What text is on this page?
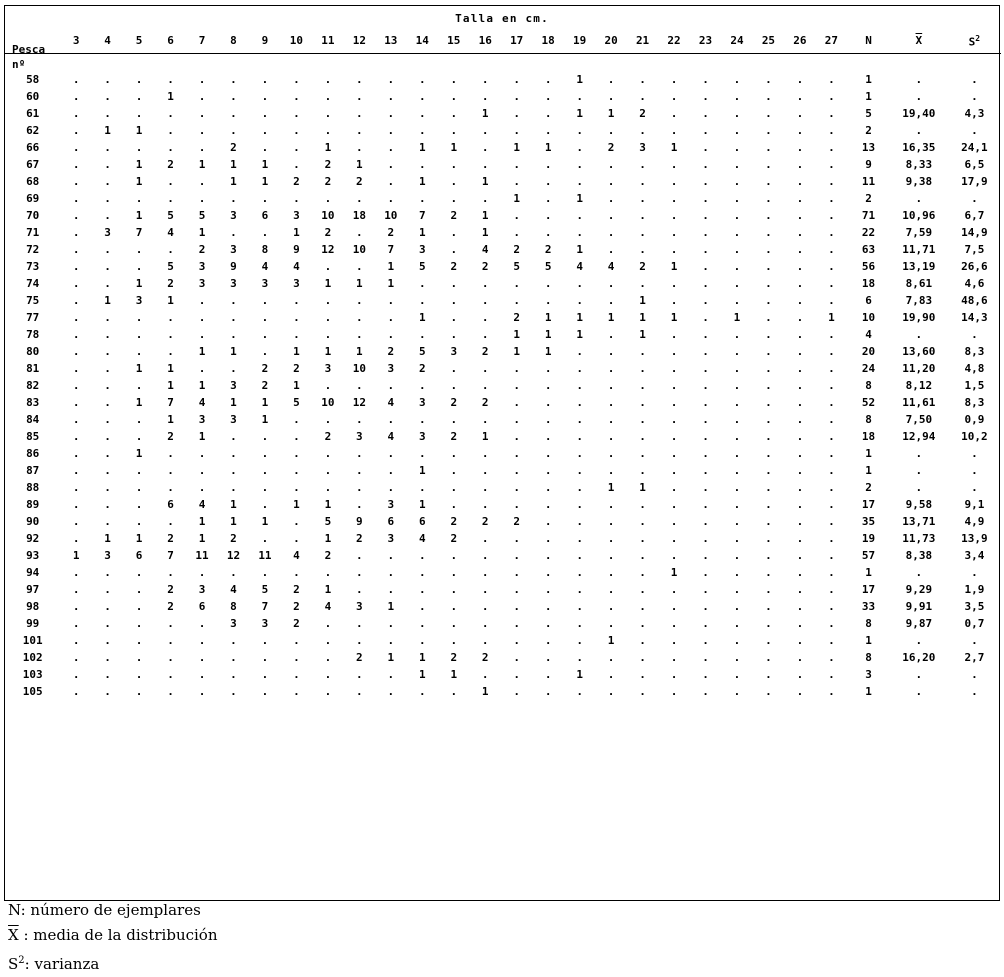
Talla en cm.
Pesca
nº
	3	4	5	6	7	8	9	10	11	12	13	14	15	16	17	18	19	20	21	22	23	24	25	26	27	N	$\overline{X}$	$S^2$

58	.	.	.	.	.	.	.	.	.	.	.	.	.	.	.	.	1	.	.	.	.	.	.	.	.	1	.	.
60	.	.	.	1	.	.	.	.	.	.	.	.	.	.	.	.	.	.	.	.	.	.	.	.	.	1	.	.
61	.	.	.	.	.	.	.	.	.	.	.	.	.	1	.	.	1	1	2	.	.	.	.	.	.	5	19,40	4,3
62	.	1	1	.	.	.	.	.	.	.	.	.	.	.	.	.	.	.	.	.	.	.	.	.	.	2	.	.
66	.	.	.	.	.	2	.	.	1	.	.	1	1	.	1	1	.	2	3	1	.	.	.	.	.	13	16,35	24,1
67	.	.	1	2	1	1	1	.	2	1	.	.	.	.	.	.	.	.	.	.	.	.	.	.	.	9	8,33	6,5
68	.	.	1	.	.	1	1	2	2	2	.	1	.	1	.	.	.	.	.	.	.	.	.	.	.	11	9,38	17,9
69	.	.	.	.	.	.	.	.	.	.	.	.	.	.	1	.	1	.	.	.	.	.	.	.	.	2	.	.
70	.	.	1	5	5	3	6	3	10	18	10	7	2	1	.	.	.	.	.	.	.	.	.	.	.	71	10,96	6,7
71	.	3	7	4	1	.	.	1	2	.	2	1	.	1	.	.	.	.	.	.	.	.	.	.	.	22	7,59	14,9
72	.	.	.	.	2	3	8	9	12	10	7	3	.	4	2	2	1	.	.	.	.	.	.	.	.	63	11,71	7,5
73	.	.	.	5	3	9	4	4	.	.	1	5	2	2	5	5	4	4	2	1	.	.	.	.	.	56	13,19	26,6
74	.	.	1	2	3	3	3	3	1	1	1	.	.	.	.	.	.	.	.	.	.	.	.	.	.	18	8,61	4,6
75	.	1	3	1	.	.	.	.	.	.	.	.	.	.	.	.	.	.	1	.	.	.	.	.	.	6	7,83	48,6
77	.	.	.	.	.	.	.	.	.	.	.	1	.	.	2	1	1	1	1	1	.	1	.	.	1	10	19,90	14,3
78	.	.	.	.	.	.	.	.	.	.	.	.	.	.	1	1	1	.	1	.	.	.	.	.	.	4	.	.
80	.	.	.	.	1	1	.	1	1	1	2	5	3	2	1	1	.	.	.	.	.	.	.	.	.	20	13,60	8,3
81	.	.	1	1	.	.	2	2	3	10	3	2	.	.	.	.	.	.	.	.	.	.	.	.	.	24	11,20	4,8
82	.	.	.	1	1	3	2	1	.	.	.	.	.	.	.	.	.	.	.	.	.	.	.	.	.	8	8,12	1,5
83	.	.	1	7	4	1	1	5	10	12	4	3	2	2	.	.	.	.	.	.	.	.	.	.	.	52	11,61	8,3
84	.	.	.	1	3	3	1	.	.	.	.	.	.	.	.	.	.	.	.	.	.	.	.	.	.	8	7,50	0,9
85	.	.	.	2	1	.	.	.	2	3	4	3	2	1	.	.	.	.	.	.	.	.	.	.	.	18	12,94	10,2
86	.	.	1	.	.	.	.	.	.	.	.	.	.	.	.	.	.	.	.	.	.	.	.	.	.	1	.	.
87	.	.	.	.	.	.	.	.	.	.	.	1	.	.	.	.	.	.	.	.	.	.	.	.	.	1	.	.
88	.	.	.	.	.	.	.	.	.	.	.	.	.	.	.	.	.	1	1	.	.	.	.	.	.	2	.	.
89	.	.	.	6	4	1	.	1	1	.	3	1	.	.	.	.	.	.	.	.	.	.	.	.	.	17	9,58	9,1
90	.	.	.	.	1	1	1	.	5	9	6	6	2	2	2	.	.	.	.	.	.	.	.	.	.	35	13,71	4,9
92	.	1	1	2	1	2	.	.	1	2	3	4	2	.	.	.	.	.	.	.	.	.	.	.	.	19	11,73	13,9
93	1	3	6	7	11	12	11	4	2	.	.	.	.	.	.	.	.	.	.	.	.	.	.	.	.	57	8,38	3,4
94	.	.	.	.	.	.	.	.	.	.	.	.	.	.	.	.	.	.	.	1	.	.	.	.	.	1	.	.
97	.	.	.	2	3	4	5	2	1	.	.	.	.	.	.	.	.	.	.	.	.	.	.	.	.	17	9,29	1,9
98	.	.	.	2	6	8	7	2	4	3	1	.	.	.	.	.	.	.	.	.	.	.	.	.	.	33	9,91	3,5
99	.	.	.	.	.	3	3	2	.	.	.	.	.	.	.	.	.	.	.	.	.	.	.	.	.	8	9,87	0,7
101	.	.	.	.	.	.	.	.	.	.	.	.	.	.	.	.	.	1	.	.	.	.	.	.	.	1	.	.
102	.	.	.	.	.	.	.	.	.	2	1	1	2	2	.	.	.	.	.	.	.	.	.	.	.	8	16,20	2,7
103	.	.	.	.	.	.	.	.	.	.	.	1	1	.	.	.	1	.	.	.	.	.	.	.	.	3	.	.
105	.	.	.	.	.	.	.	.	.	.	.	.	.	1	.	.	.	.	.	.	.	.	.	.	.	1	.	.
N: número de ejemplares
$\overline{X}$ : media de la distribución
$S^2$: varianza
